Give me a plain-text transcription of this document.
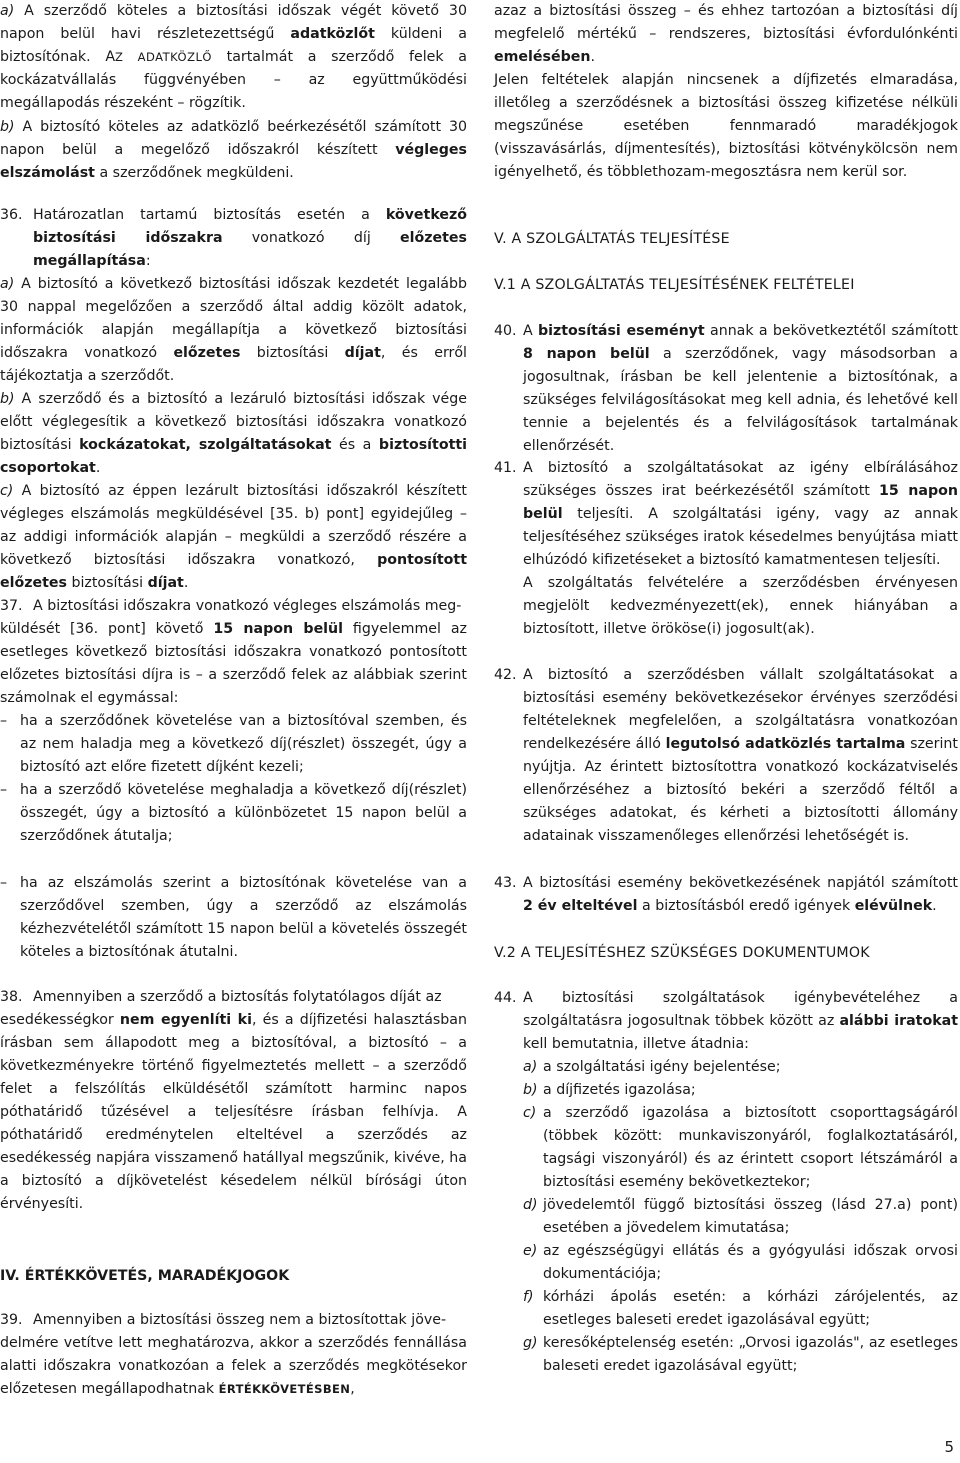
a) A szerződő köteles a biztosítási időszak végét követő 30 napon belül havi részletezettségű adatközlőt küldeni a biztosítónak. AZ ADATKÖZLŐ tartalmát a szerződő felek a kockázatvállalás függvényében – az együttműködési megállapodás részeként – rögzítik.

b) A biztosító köteles az adatközlő beérkezésétől számított 30 napon belül a megelőző időszakról készített végleges elszámolást a szerződőnek megküldeni.

36. Határozatlan tartamú biztosítás esetén a következő biztosítási időszakra vonatkozó díj előzetes megállapítása:

a) A biztosító a következő biztosítási időszak kezdetét legalább 30 nappal megelőzően a szerződő által addig közölt adatok, információk alapján megállapítja a következő biztosítási időszakra vonatkozó előzetes biztosítási díjat, és erről tájékoztatja a szerződőt.

b) A szerződő és a biztosító a lezáruló biztosítási időszak vége előtt véglegesítik a következő biztosítási időszakra vonatkozó biztosítási kockázatokat, szolgáltatásokat és a biztosítotti csoportokat.

c) A biztosító az éppen lezárult biztosítási időszakról készített végleges elszámolás megküldésével [35. b) pont] egyidejűleg – az addigi információk alapján – megküldi a szerződő részére a következő biztosítási időszakra vonatkozó, pontosított előzetes biztosítási díjat.

37. A biztosítási időszakra vonatkozó végleges elszámolás meg-

küldését [36. pont] követő 15 napon belül figyelemmel az esetleges következő biztosítási időszakra vonatkozó pontosított előzetes biztosítási díjra is – a szerződő felek az alábbiak szerint számolnak el egymással:

– ha a szerződőnek követelése van a biztosítóval szemben, és az nem haladja meg a következő díj(részlet) összegét, úgy a biztosító azt előre fizetett díjként kezeli;

– ha a szerződő követelése meghaladja a következő díj(részlet) összegét, úgy a biztosító a különbözetet 15 napon belül a szerződőnek átutalja;

– ha az elszámolás szerint a biztosítónak követelése van a szerződővel szemben, úgy a szerződő az elszámolás kézhezvételétől számított 15 napon belül a követelés összegét köteles a biztosítónak átutalni.

38. Amennyiben a szerződő a biztosítás folytatólagos díját az

esedékességkor nem egyenlíti ki, és a díjfizetési halasztásban írásban sem állapodott meg a biztosítóval, a biztosító – a következményekre történő figyelmeztetés mellett – a szerződő felet a felszólítás elküldésétől számított harminc napos póthatáridő tűzésével a teljesítésre írásban felhívja. A póthatáridő eredménytelen elteltével a szerződés az esedékesség napjára visszamenő hatállyal megszűnik, kivéve, ha a biztosító a díjkövetelést késedelem nélkül bírósági úton érvényesíti.

IV. ÉRTÉKKÖVETÉS, MARADÉKJOGOK
39. Amennyiben a biztosítási összeg nem a biztosítottak jöve-

delmére vetítve lett meghatározva, akkor a szerződés fennállása alatti időszakra vonatkozóan a felek a szerződés megkötésekor előzetesen megállapodhatnak ÉRTÉKKÖVETÉSBEN,

azaz a biztosítási összeg – és ehhez tartozóan a biztosítási díj megfelelő mértékű – rendszeres, biztosítási évfordulónkénti emelésében.

Jelen feltételek alapján nincsenek a díjfizetés elmaradása, illetőleg a szerződésnek a biztosítási összeg kifizetése nélküli megszűnése esetében fennmaradó maradékjogok (visszavásárlás, díjmentesítés), biztosítási kötvénykölcsön nem igényelhető, és többlethozam-megosztásra nem kerül sor.

V. A SZOLGÁLTATÁS TELJESÍTÉSE
V.1 A SZOLGÁLTATÁS TELJESÍTÉSÉNEK FELTÉTELEI
40. A biztosítási eseményt annak a bekövetkeztétől számított 8 napon belül a szerződőnek, vagy másodsorban a jogosultnak, írásban be kell jelentenie a biztosítónak, a szükséges felvilágosításokat meg kell adnia, és lehetővé kell tennie a bejelentés és a felvilágosítások tartalmának ellenőrzését.

41. A biztosító a szolgáltatásokat az igény elbírálásához szükséges összes irat beérkezésétől számított 15 napon belül teljesíti. A szolgáltatási igény, vagy az annak teljesítéséhez szükséges iratok késedelmes benyújtása miatt elhúzódó kifizetéseket a biztosító kamatmentesen teljesíti.

A szolgáltatás felvételére a szerződésben érvényesen megjelölt kedvezményezett(ek), ennek hiányában a biztosított, illetve örököse(i) jogosult(ak).

42. A biztosító a szerződésben vállalt szolgáltatásokat a biztosítási esemény bekövetkezésekor érvényes szerződési feltételeknek megfelelően, a szolgáltatásra vonatkozóan rendelkezésére álló legutolsó adatközlés tartalma szerint nyújtja. Az érintett biztosítottra vonatkozó kockázatviselés ellenőrzéséhez a biztosító bekéri a szerződő féltől a szükséges adatokat, és kérheti a biztosítotti állomány adatainak visszamenőleges ellenőrzési lehetőségét is.

43. A biztosítási esemény bekövetkezésének napjától számított 2 év elteltével a biztosításból eredő igények elévülnek.

V.2 A TELJESÍTÉSHEZ SZÜKSÉGES DOKUMENTUMOK
44. A biztosítási szolgáltatások igénybevételéhez a szolgáltatásra jogosultnak többek között az alábbi iratokat kell bemutatnia, illetve átadnia:

a) a szolgáltatási igény bejelentése;
b) a díjfizetés igazolása;
c) a szerződő igazolása a biztosított csoporttagságáról (többek között: munkaviszonyáról, foglalkoztatásáról, tagsági viszonyáról) és az érintett csoport létszámáról a biztosítási esemény bekövetkeztekor;
d) jövedelemtől függő biztosítási összeg (lásd 27.a) pont) esetében a jövedelem kimutatása;
e) az egészségügyi ellátás és a gyógyulási időszak orvosi dokumentációja;
f) kórházi ápolás esetén: a kórházi zárójelentés, az esetleges baleseti eredet igazolásával együtt;
g) keresőképtelenség esetén: „Orvosi igazolás", az esetleges baleseti eredet igazolásával együtt;
5
